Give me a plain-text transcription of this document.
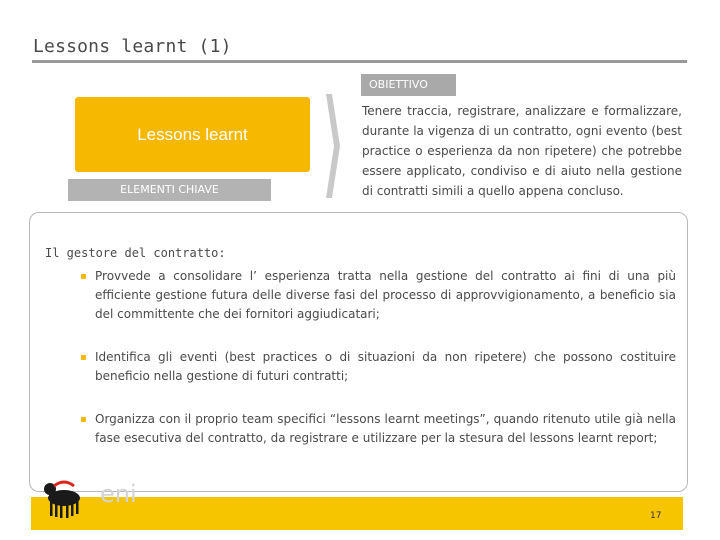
Lessons learnt (1)
OBIETTIVO
Lessons learnt
ELEMENTI CHIAVE
Tenere traccia, registrare, analizzare e formalizzare, durante la vigenza di un contratto, ogni evento (best practice o esperienza da non ripetere) che potrebbe essere applicato, condiviso e di aiuto nella gestione di contratti simili a quello appena concluso.
Il gestore del contratto:
▪ Provvede a consolidare l’ esperienza tratta nella gestione del contratto ai fini di una più efficiente gestione futura delle diverse fasi del processo di approvvigionamento, a beneficio sia del committente che dei fornitori aggiudicatari;
▪ Identifica gli eventi (best practices o di situazioni da non ripetere) che possono costituire beneficio nella gestione di futuri contratti;
▪ Organizza con il proprio team specifici “lessons learnt meetings”, quando ritenuto utile già nella fase esecutiva del contratto, da registrare e utilizzare per la stesura del lessons learnt report;
eni
17
